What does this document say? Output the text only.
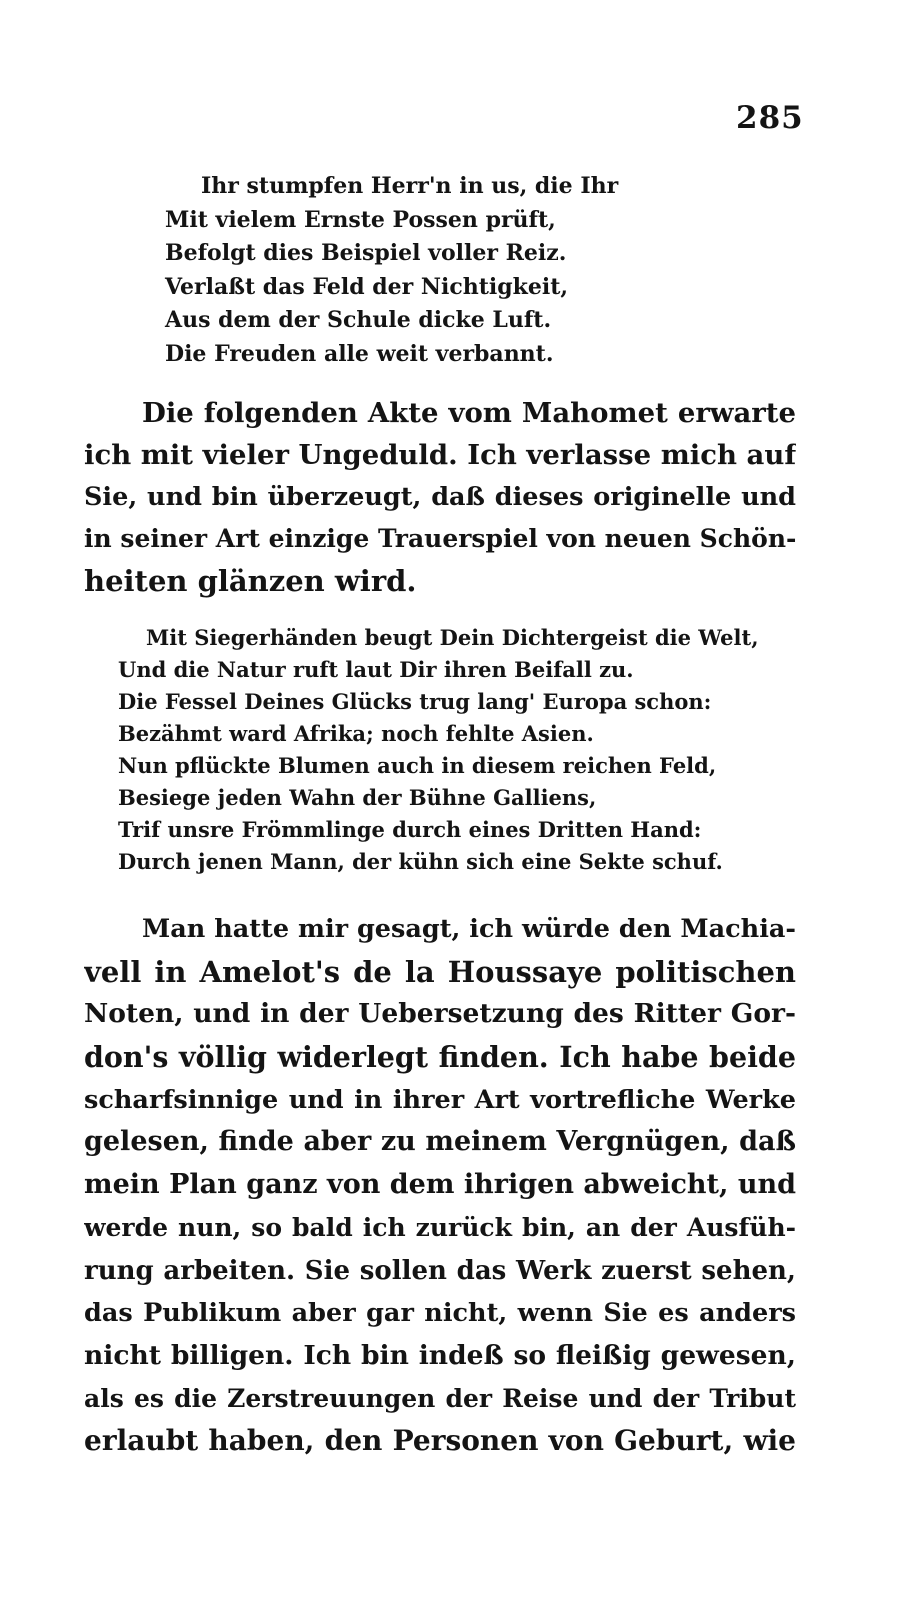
285
Ihr stumpfen Herr'n in us, die Ihr
Mit vielem Ernste Possen prüft,
Befolgt dies Beispiel voller Reiz.
Verlaßt das Feld der Nichtigkeit,
Aus dem der Schule dicke Luft.
Die Freuden alle weit verbannt.
Die folgenden Akte vom Mahomet erwarte
ich mit vieler Ungeduld. Ich verlasse mich auf
Sie, und bin überzeugt, daß dieses originelle und
in seiner Art einzige Trauerspiel von neuen Schön-
heiten glänzen wird.
Mit Siegerhänden beugt Dein Dichtergeist die Welt,
Und die Natur ruft laut Dir ihren Beifall zu.
Die Fessel Deines Glücks trug lang' Europa schon:
Bezähmt ward Afrika; noch fehlte Asien.
Nun pflückte Blumen auch in diesem reichen Feld,
Besiege jeden Wahn der Bühne Galliens,
Trif unsre Frömmlinge durch eines Dritten Hand:
Durch jenen Mann, der kühn sich eine Sekte schuf.
Man hatte mir gesagt, ich würde den Machia-
vell in Amelot's de la Houssaye politischen
Noten, und in der Uebersetzung des Ritter Gor-
don's völlig widerlegt finden. Ich habe beide
scharfsinnige und in ihrer Art vortrefliche Werke
gelesen, finde aber zu meinem Vergnügen, daß
mein Plan ganz von dem ihrigen abweicht, und
werde nun, so bald ich zurück bin, an der Ausfüh-
rung arbeiten. Sie sollen das Werk zuerst sehen,
das Publikum aber gar nicht, wenn Sie es anders
nicht billigen. Ich bin indeß so fleißig gewesen,
als es die Zerstreuungen der Reise und der Tribut
erlaubt haben, den Personen von Geburt, wie
